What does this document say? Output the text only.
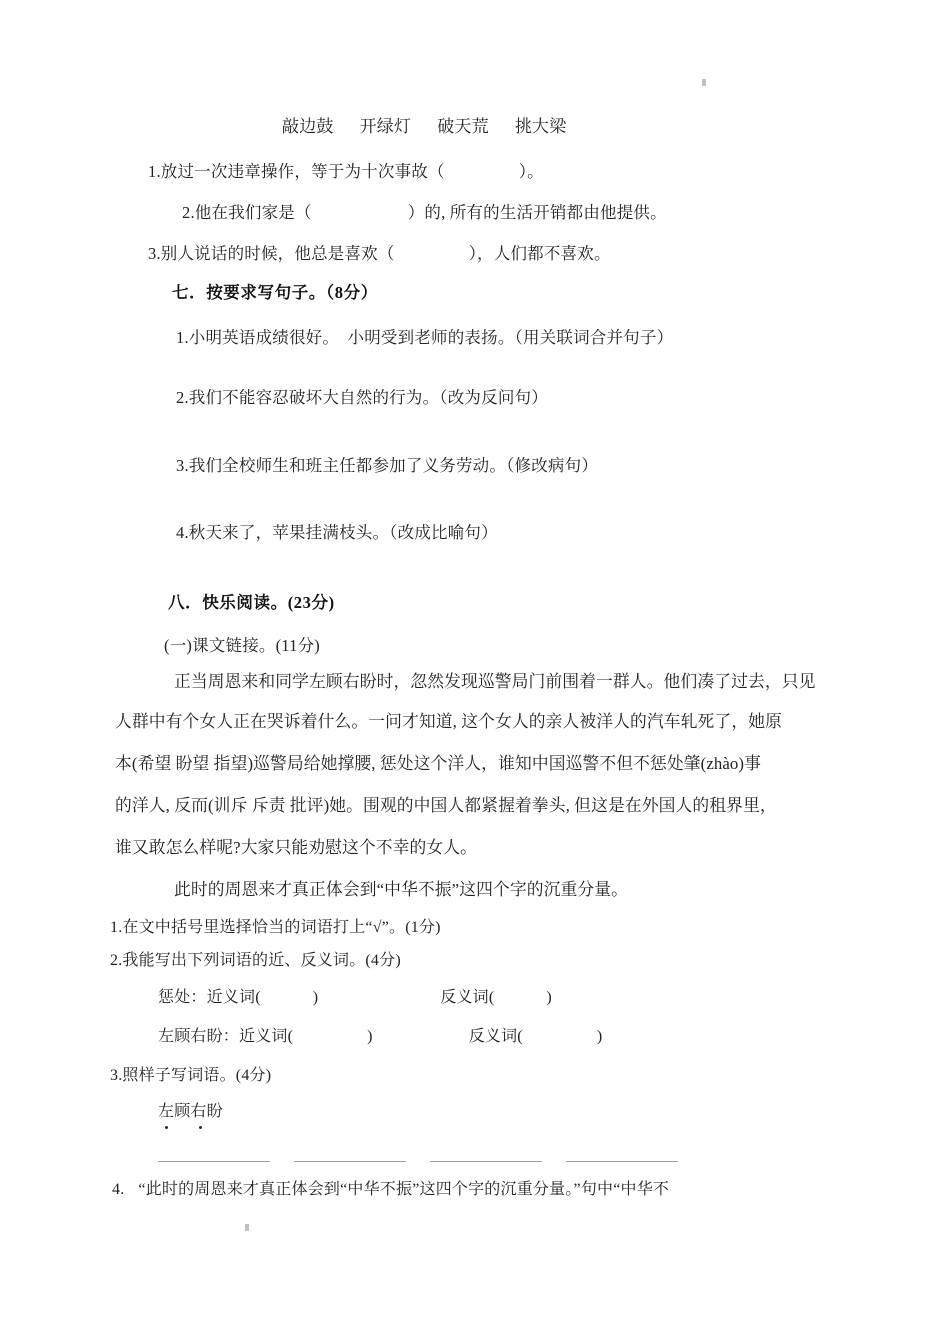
敲边鼓 开绿灯 破天荒 挑大梁
1.放过一次违章操作，等于为十次事故（	）。
2.他在我们家是（	）的, 所有的生活开销都由他提供。
3.别人说话的时候，他总是喜欢（	），人们都不喜欢。
七．按要求写句子。（8分）
1.小明英语成绩很好。　小明受到老师的表扬。（用关联词合并句子）
2.我们不能容忍破坏大自然的行为。（改为反问句）
3.我们全校师生和班主任都参加了义务劳动。（修改病句）
4.秋天来了，苹果挂满枝头。（改成比喻句）
八．快乐阅读。(23分)
(一)课文链接。(11分)
正当周恩来和同学左顾右盼时，忽然发现巡警局门前围着一群人。他们凑了过去，只见
人群中有个女人正在哭诉着什么。一问才知道, 这个女人的亲人被洋人的汽车轧死了，她原
本(希望 盼望 指望)巡警局给她撑腰, 惩处这个洋人，谁知中国巡警不但不惩处肇(zhào)事
的洋人, 反而(训斥 斥责 批评)她。围观的中国人都紧握着拳头, 但这是在外国人的租界里，
谁又敢怎么样呢?大家只能劝慰这个不幸的女人。
此时的周恩来才真正体会到“中华不振”这四个字的沉重分量。
1.在文中括号里选择恰当的词语打上“√”。(1分)
2.我能写出下列词语的近、反义词。(4分)
惩处：近义词(	)	反义词(	)
左顾右盼：近义词(	)	反义词(	)
3.照样子写词语。(4分)
左顾右盼
4. “此时的周恩来才真正体会到“中华不振”这四个字的沉重分量。”句中“中华不
